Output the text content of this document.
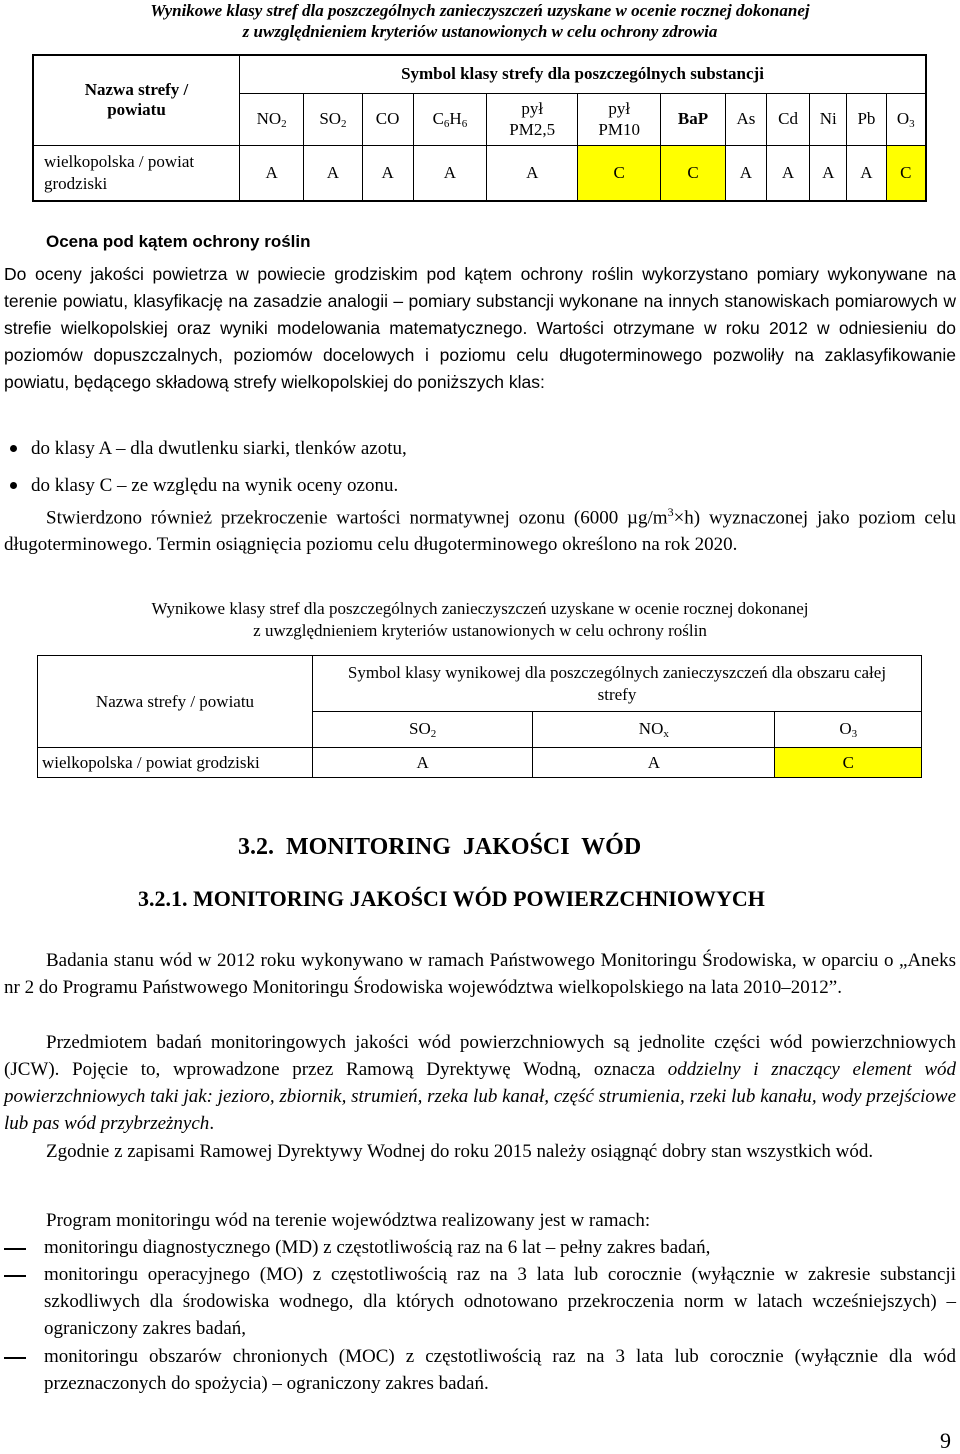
Wynikowe klasy stref dla poszczególnych zanieczyszczeń uzyskane w ocenie rocznej dokonanej
z uwzględnieniem kryteriów ustanowionych w celu ochrony zdrowia
Nazwa strefy /
powiatu	Symbol klasy strefy dla poszczególnych substancji											
	$NO_2$	$SO_2$	CO	$C_6H_6$	pył
PM2,5	pył
PM10	BaP	As	Cd	Ni	Pb	$O_3$
wielkopolska / powiat
grodziski	A	A	A	A	A	C	C	A	A	A	A	C
Ocena pod kątem ochrony roślin
Do oceny jakości powietrza w powiecie grodziskim pod kątem ochrony roślin wykorzystano pomiary wykonywane na terenie powiatu, klasyfikację na zasadzie analogii – pomiary substancji wykonane na innych stanowiskach pomiarowych w strefie wielkopolskiej oraz wyniki modelowania matematycznego. Wartości otrzymane w roku 2012 w odniesieniu do poziomów dopuszczalnych, poziomów docelowych i poziomu celu długoterminowego pozwoliły na zaklasyfikowanie powiatu, będącego składową strefy wielkopolskiej do poniższych klas:
do klasy A – dla dwutlenku siarki, tlenków azotu,
do klasy C – ze względu na wynik oceny ozonu.
Stwierdzono również przekroczenie wartości normatywnej ozonu (6000 $\mu g/m^3\times h$) wyznaczonej jako poziom celu długoterminowego. Termin osiągnięcia poziomu celu długoterminowego określono na rok 2020.
Wynikowe klasy stref dla poszczególnych zanieczyszczeń uzyskane w ocenie rocznej dokonanej
z uwzględnieniem kryteriów ustanowionych w celu ochrony roślin
Nazwa strefy / powiatu	Symbol klasy wynikowej dla poszczególnych zanieczyszczeń dla obszaru całej strefy		
	$SO_2$	$NO_x$	$O_3$
wielkopolska / powiat grodziski	A	A	C
3.2. MONITORING JAKOŚCI WÓD
3.2.1. MONITORING JAKOŚCI WÓD POWIERZCHNIOWYCH
Badania stanu wód w 2012 roku wykonywano w ramach Państwowego Monitoringu Środowiska, w oparciu o „Aneks nr 2 do Programu Państwowego Monitoringu Środowiska województwa wielkopolskiego na lata 2010–2012”.
Przedmiotem badań monitoringowych jakości wód powierzchniowych są jednolite części wód powierzchniowych (JCW). Pojęcie to, wprowadzone przez Ramową Dyrektywę Wodną, oznacza oddzielny i znaczący element wód powierzchniowych taki jak: jezioro, zbiornik, strumień, rzeka lub kanał, część strumienia, rzeki lub kanału, wody przejściowe lub pas wód przybrzeżnych.
Zgodnie z zapisami Ramowej Dyrektywy Wodnej do roku 2015 należy osiągnąć dobry stan wszystkich wód.
Program monitoringu wód na terenie województwa realizowany jest w ramach:
monitoringu diagnostycznego (MD) z częstotliwością raz na 6 lat – pełny zakres badań,
monitoringu operacyjnego (MO) z częstotliwością raz na 3 lata lub corocznie (wyłącznie w zakresie substancji szkodliwych dla środowiska wodnego, dla których odnotowano przekroczenia norm w latach wcześniejszych) – ograniczony zakres badań,
monitoringu obszarów chronionych (MOC) z częstotliwością raz na 3 lata lub corocznie (wyłącznie dla wód przeznaczonych do spożycia) – ograniczony zakres badań.
9
